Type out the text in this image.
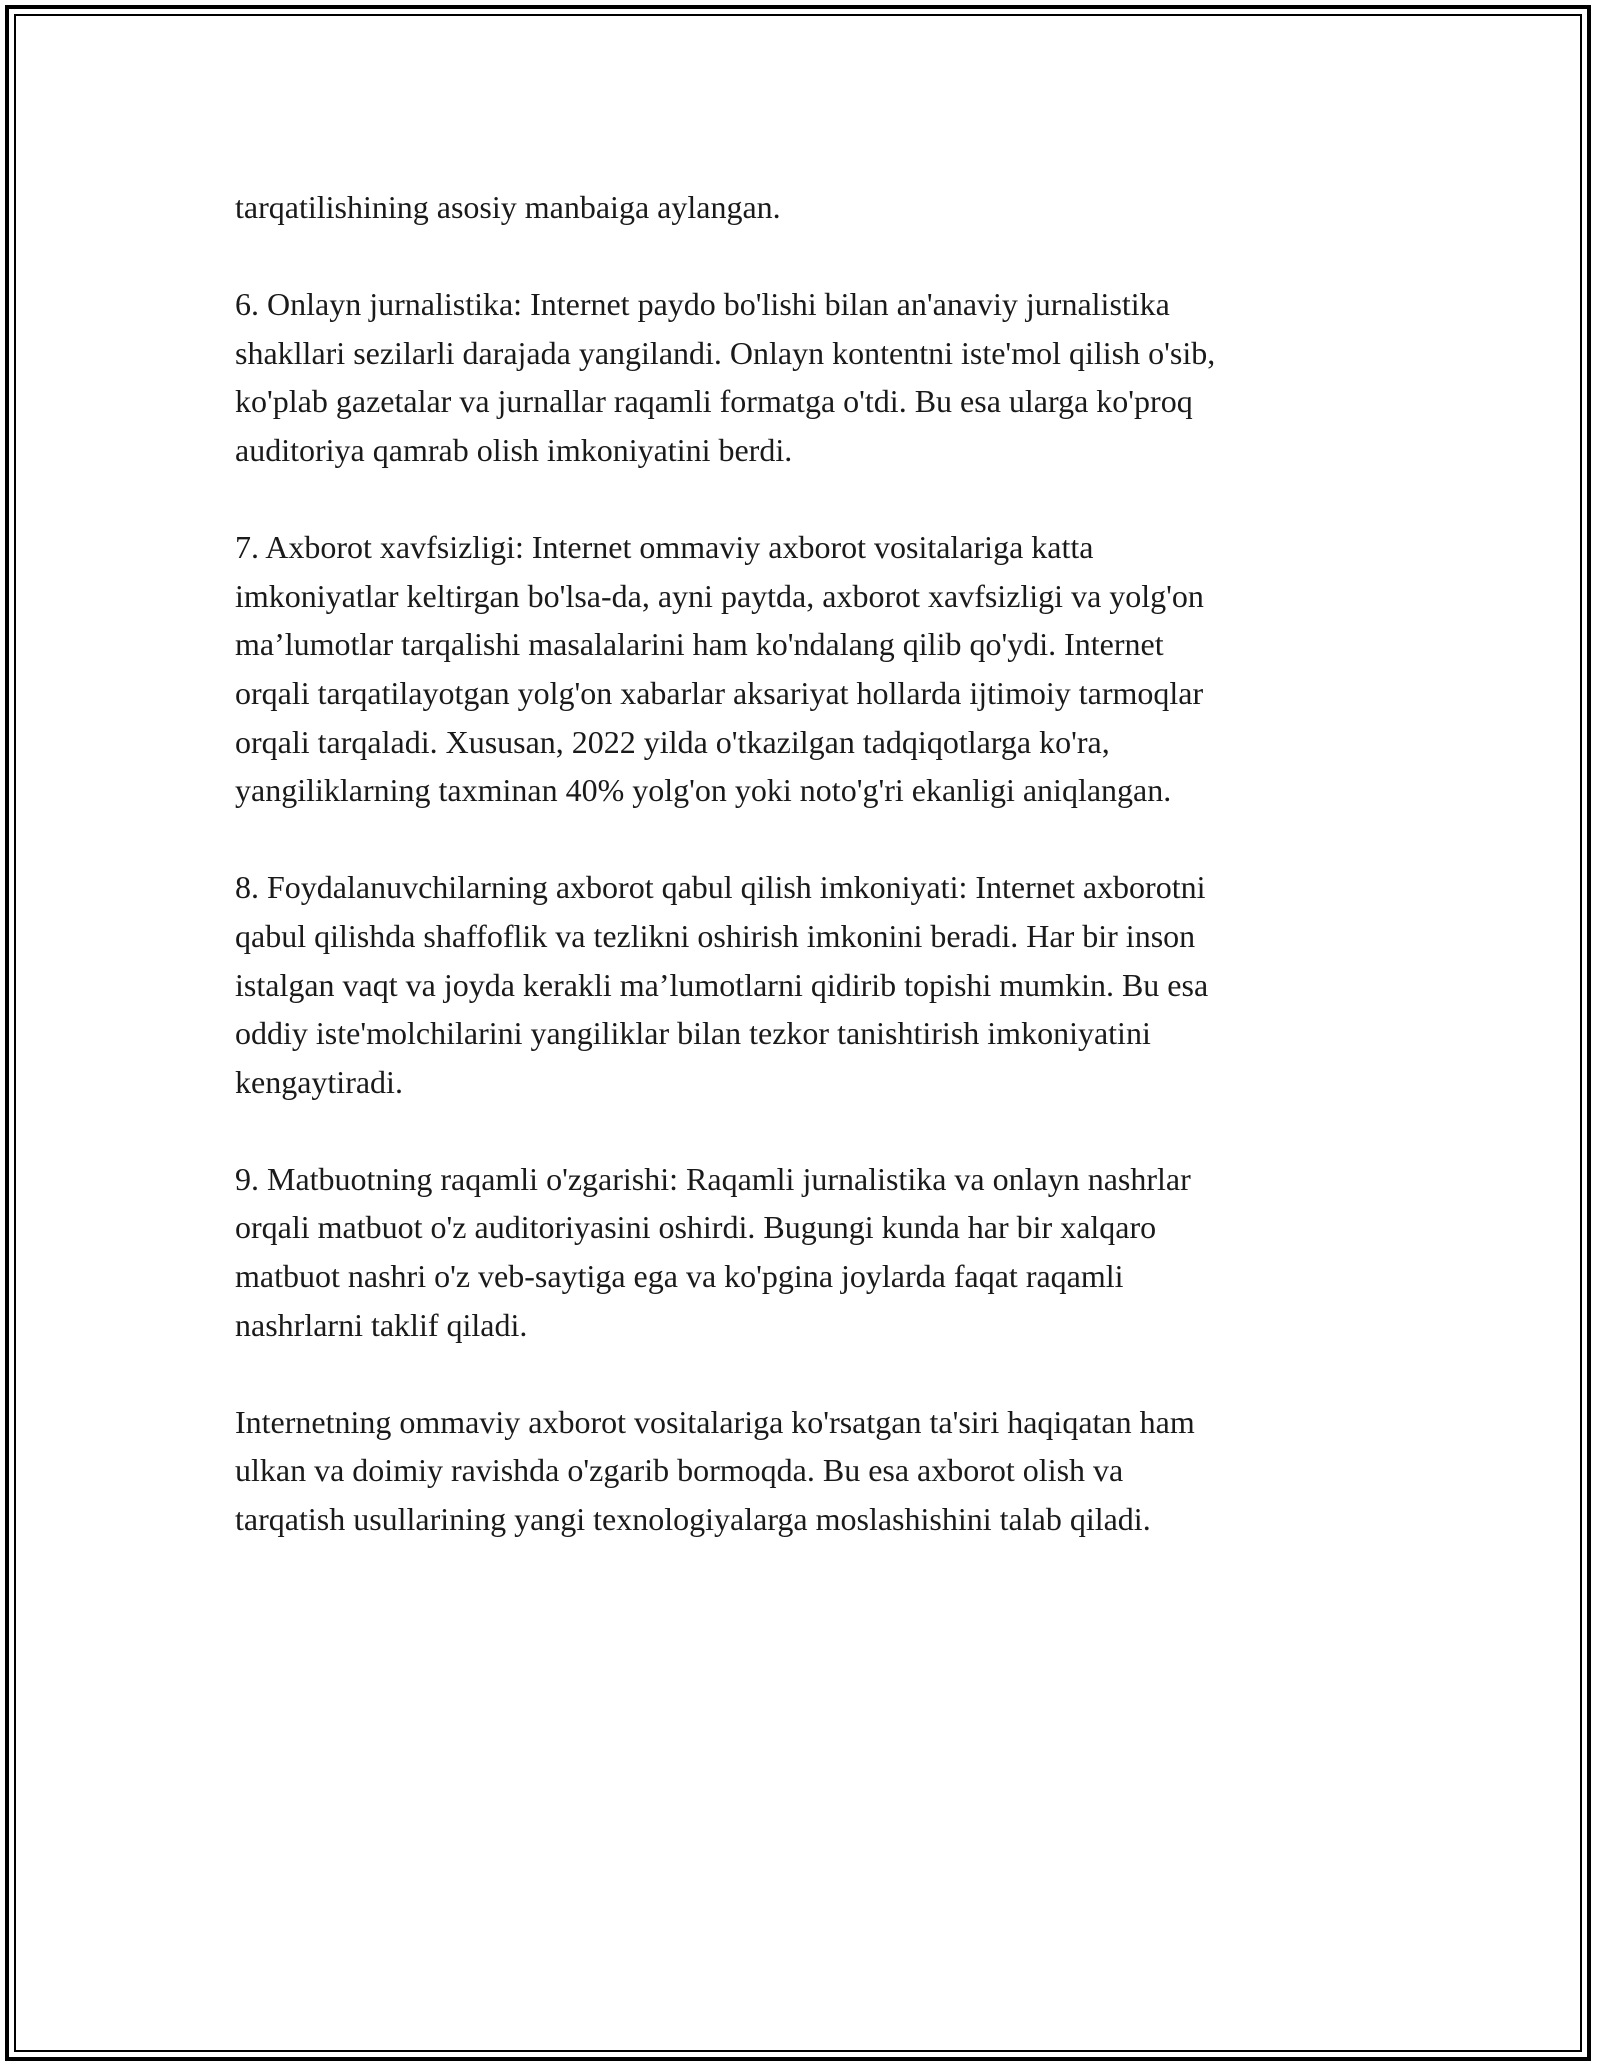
tarqatilishining asosiy manbaiga aylangan.

6. Onlayn jurnalistika: Internet paydo bo'lishi bilan an'anaviy jurnalistika
shakllari sezilarli darajada yangilandi. Onlayn kontentni iste'mol qilish o'sib,
ko'plab gazetalar va jurnallar raqamli formatga o'tdi. Bu esa ularga ko'proq
auditoriya qamrab olish imkoniyatini berdi.

7. Axborot xavfsizligi: Internet ommaviy axborot vositalariga katta
imkoniyatlar keltirgan bo'lsa-da, ayni paytda, axborot xavfsizligi va yolg'on
ma’lumotlar tarqalishi masalalarini ham ko'ndalang qilib qo'ydi. Internet
orqali tarqatilayotgan yolg'on xabarlar aksariyat hollarda ijtimoiy tarmoqlar
orqali tarqaladi. Xususan, 2022 yilda o'tkazilgan tadqiqotlarga ko'ra,
yangiliklarning taxminan 40% yolg'on yoki noto'g'ri ekanligi aniqlangan.

8. Foydalanuvchilarning axborot qabul qilish imkoniyati: Internet axborotni
qabul qilishda shaffoflik va tezlikni oshirish imkonini beradi. Har bir inson
istalgan vaqt va joyda kerakli ma’lumotlarni qidirib topishi mumkin. Bu esa
oddiy iste'molchilarini yangiliklar bilan tezkor tanishtirish imkoniyatini
kengaytiradi.

9. Matbuotning raqamli o'zgarishi: Raqamli jurnalistika va onlayn nashrlar
orqali matbuot o'z auditoriyasini oshirdi. Bugungi kunda har bir xalqaro
matbuot nashri o'z veb-saytiga ega va ko'pgina joylarda faqat raqamli
nashrlarni taklif qiladi.

Internetning ommaviy axborot vositalariga ko'rsatgan ta'siri haqiqatan ham
ulkan va doimiy ravishda o'zgarib bormoqda. Bu esa axborot olish va
tarqatish usullarining yangi texnologiyalarga moslashishini talab qiladi.
